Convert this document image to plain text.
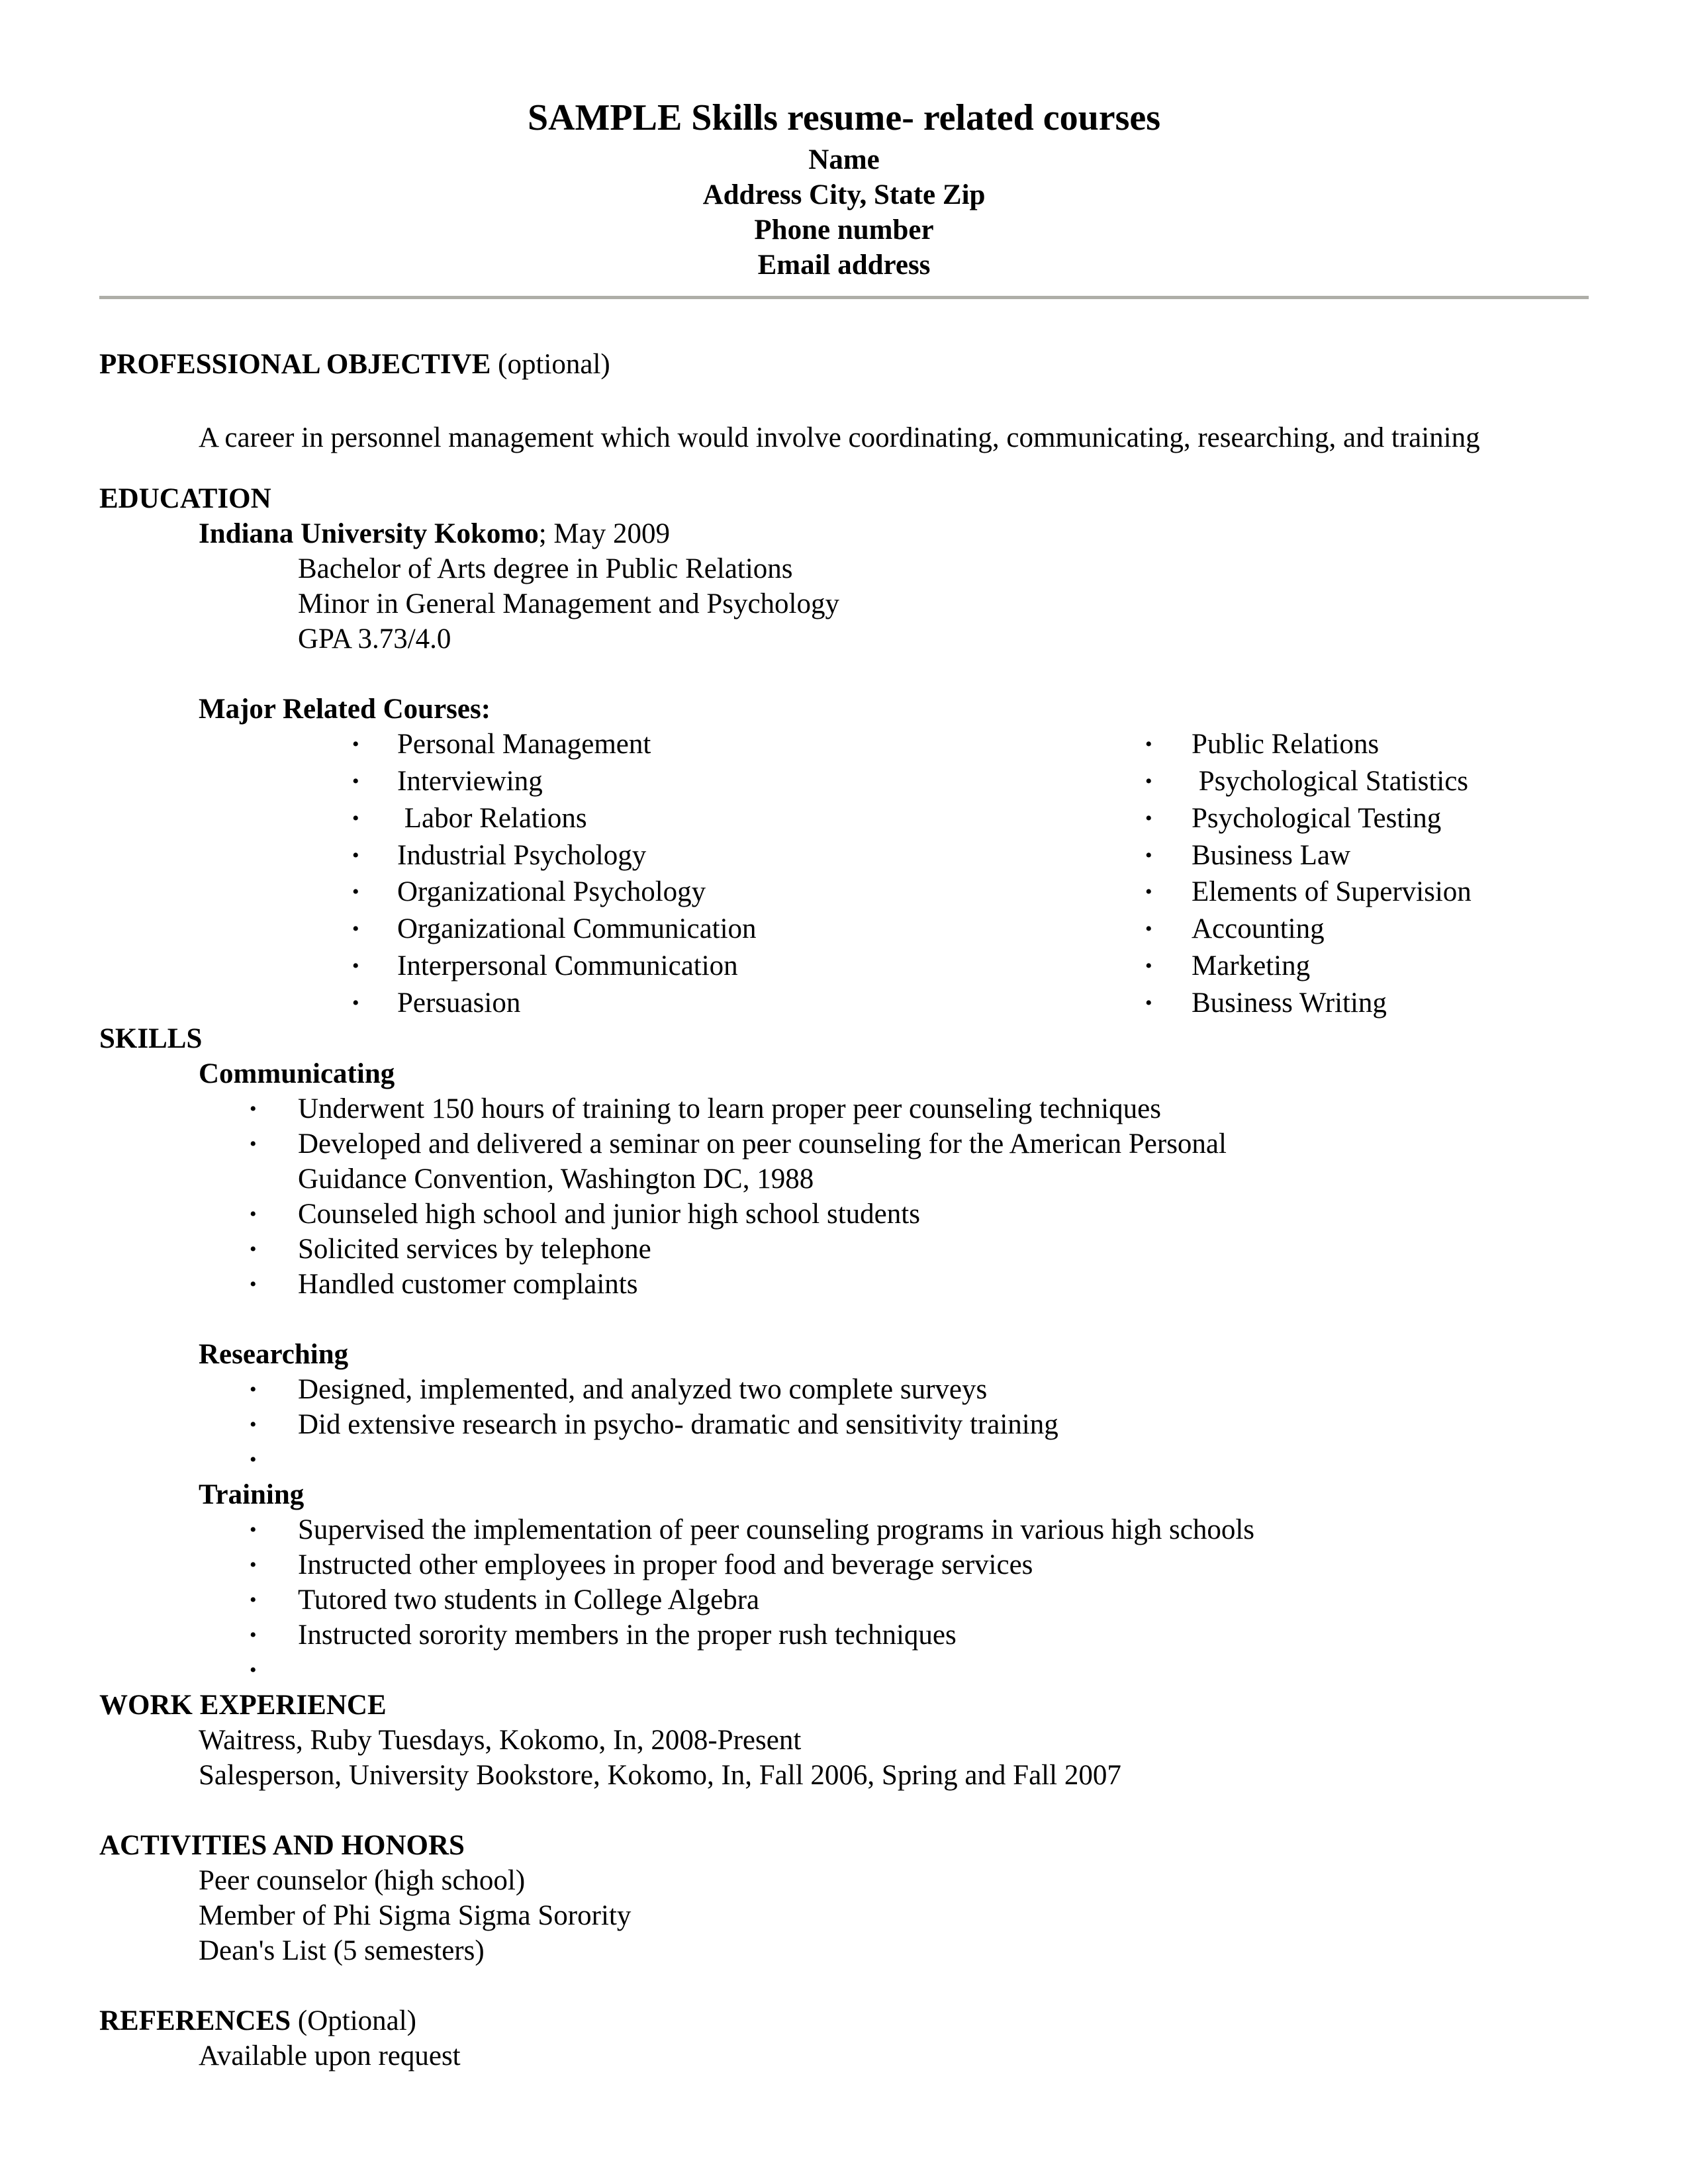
SAMPLE Skills resume- related courses
Name
Address City, State Zip
Phone number
Email address
PROFESSIONAL OBJECTIVE (optional)
A career in personnel management which would involve coordinating, communicating, researching, and training
EDUCATION
Indiana University Kokomo; May 2009
Bachelor of Arts degree in Public Relations
Minor in General Management and Psychology
GPA 3.73/4.0
Major Related Courses:
• Personal Management
• Interviewing
• Labor Relations
• Industrial Psychology
• Organizational Psychology
• Organizational Communication
• Interpersonal Communication
• Persuasion
• Public Relations
• Psychological Statistics
• Psychological Testing
• Business Law
• Elements of Supervision
• Accounting
• Marketing
• Business Writing
SKILLS
Communicating
• Underwent 150 hours of training to learn proper peer counseling techniques
• Developed and delivered a seminar on peer counseling for the American Personal
Guidance Convention, Washington DC, 1988
• Counseled high school and junior high school students
• Solicited services by telephone
• Handled customer complaints
Researching
• Designed, implemented, and analyzed two complete surveys
• Did extensive research in psycho- dramatic and sensitivity training
•
Training
• Supervised the implementation of peer counseling programs in various high schools
• Instructed other employees in proper food and beverage services
• Tutored two students in College Algebra
• Instructed sorority members in the proper rush techniques
•
WORK EXPERIENCE
Waitress, Ruby Tuesdays, Kokomo, In, 2008-Present
Salesperson, University Bookstore, Kokomo, In, Fall 2006, Spring and Fall 2007
ACTIVITIES AND HONORS
Peer counselor (high school)
Member of Phi Sigma Sigma Sorority
Dean's List (5 semesters)
REFERENCES (Optional)
Available upon request
